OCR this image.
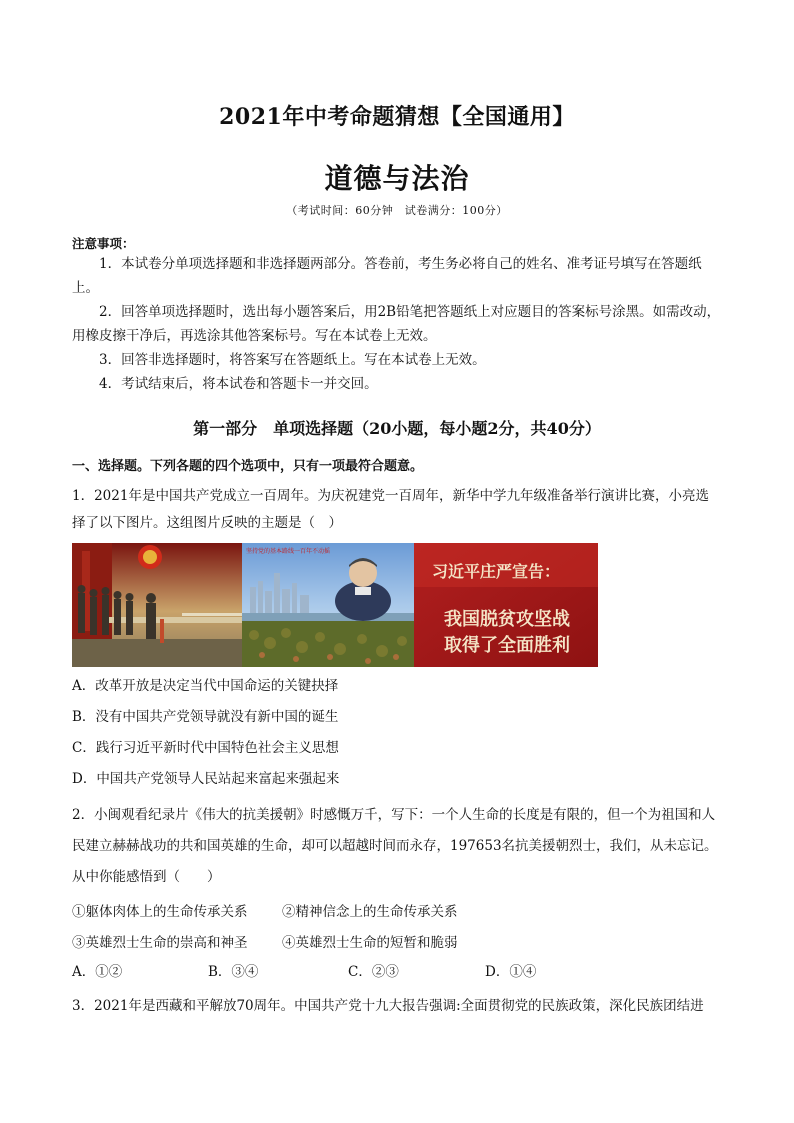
2021年中考命题猜想【全国通用】
道德与法治
（考试时间：60分钟　试卷满分：100分）
注意事项：

1．本试卷分单项选择题和非选择题两部分。答卷前，考生务必将自己的姓名、准考证号填写在答题纸上。

2．回答单项选择题时，选出每小题答案后，用2B铅笔把答题纸上对应题目的答案标号涂黑。如需改动，用橡皮擦干净后，再选涂其他答案标号。写在本试卷上无效。

3．回答非选择题时，将答案写在答题纸上。写在本试卷上无效。

4．考试结束后，将本试卷和答题卡一并交回。

第一部分　单项选择题（20小题，每小题2分，共40分）
一、选择题。下列各题的四个选项中，只有一项最符合题意。
1．2021年是中国共产党成立一百周年。为庆祝建党一百周年，新华中学九年级准备举行演讲比赛，小亮选择了以下图片。这组图片反映的主题是（　）
坚持党的基本路线一百年不动摇
习近平庄严宣告：
我国脱贫攻坚战
取得了全面胜利
A．改革开放是决定当代中国命运的关键抉择
B．没有中国共产党领导就没有新中国的诞生
C．践行习近平新时代中国特色社会主义思想
D．中国共产党领导人民站起来富起来强起来
2．小闽观看纪录片《伟大的抗美援朝》时感慨万千，写下：一个人生命的长度是有限的，但一个为祖国和人民建立赫赫战功的共和国英雄的生命，却可以超越时间而永存，197653名抗美援朝烈士，我们，从未忘记。从中你能感悟到（　　）
①躯体肉体上的生命传承关系	②精神信念上的生命传承关系
③英雄烈士生命的崇高和神圣	④英雄烈士生命的短暂和脆弱
A．①②	B．③④	C．②③	D．①④
3．2021年是西藏和平解放70周年。中国共产党十九大报告强调:全面贯彻党的民族政策，深化民族团结进
